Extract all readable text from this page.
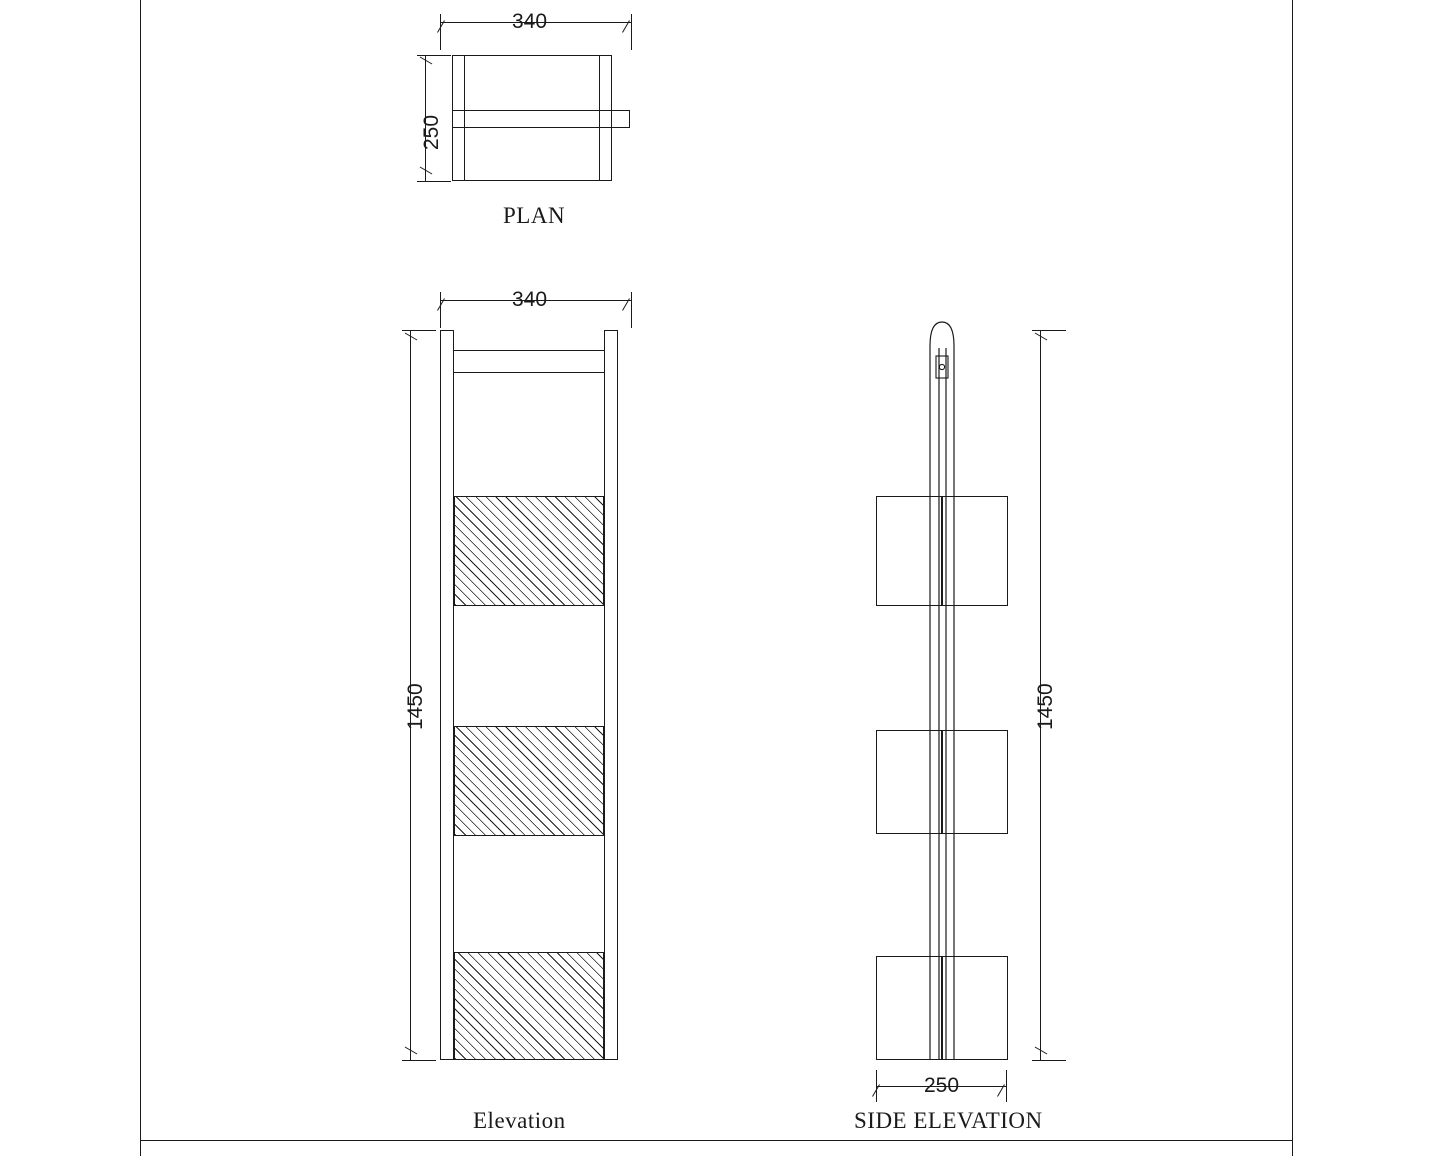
340
250
PLAN
340
1450
Elevation
1450
250
SIDE ELEVATION
